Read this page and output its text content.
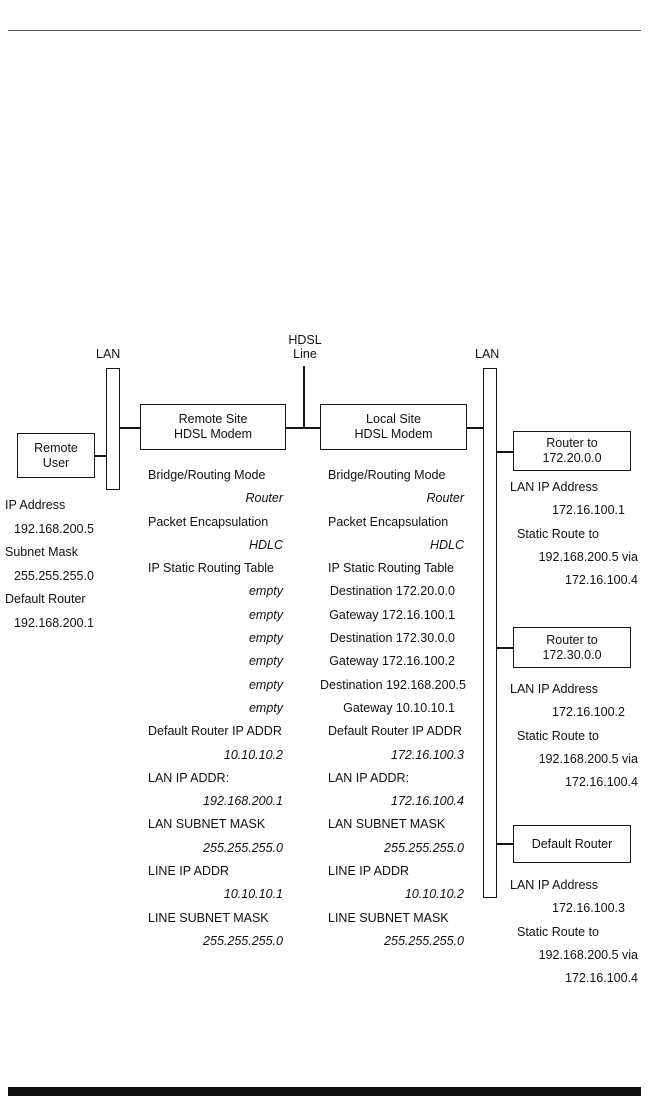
LAN
HDSL
Line	LAN
Remote
User
Remote Site
HDSL Modem
Local Site
HDSL Modem
Router to
172.20.0.0
Router to
172.30.0.0
Default Router
IP Address
192.168.200.5
Subnet Mask
255.255.255.0
Default Router
192.168.200.1
Bridge/Routing Mode
Router
Packet Encapsulation
HDLC
IP Static Routing Table
empty
empty
empty
empty
empty
empty
Default Router IP ADDR
10.10.10.2
LAN IP ADDR:
192.168.200.1
LAN SUBNET MASK
255.255.255.0
LINE IP ADDR
10.10.10.1
LINE SUBNET MASK
255.255.255.0
Bridge/Routing Mode
Router
Packet Encapsulation
HDLC
IP Static Routing Table
Destination 172.20.0.0
Gateway 172.16.100.1
Destination 172.30.0.0
Gateway 172.16.100.2
Destination 192.168.200.5
Gateway 10.10.10.1
Default Router IP ADDR
172.16.100.3
LAN IP ADDR:
172.16.100.4
LAN SUBNET MASK
255.255.255.0
LINE IP ADDR
10.10.10.2
LINE SUBNET MASK
255.255.255.0
LAN IP Address
172.16.100.1
Static Route to
192.168.200.5 via
172.16.100.4
LAN IP Address
172.16.100.2
Static Route to
192.168.200.5 via
172.16.100.4
LAN IP Address
172.16.100.3
Static Route to
192.168.200.5 via
172.16.100.4
